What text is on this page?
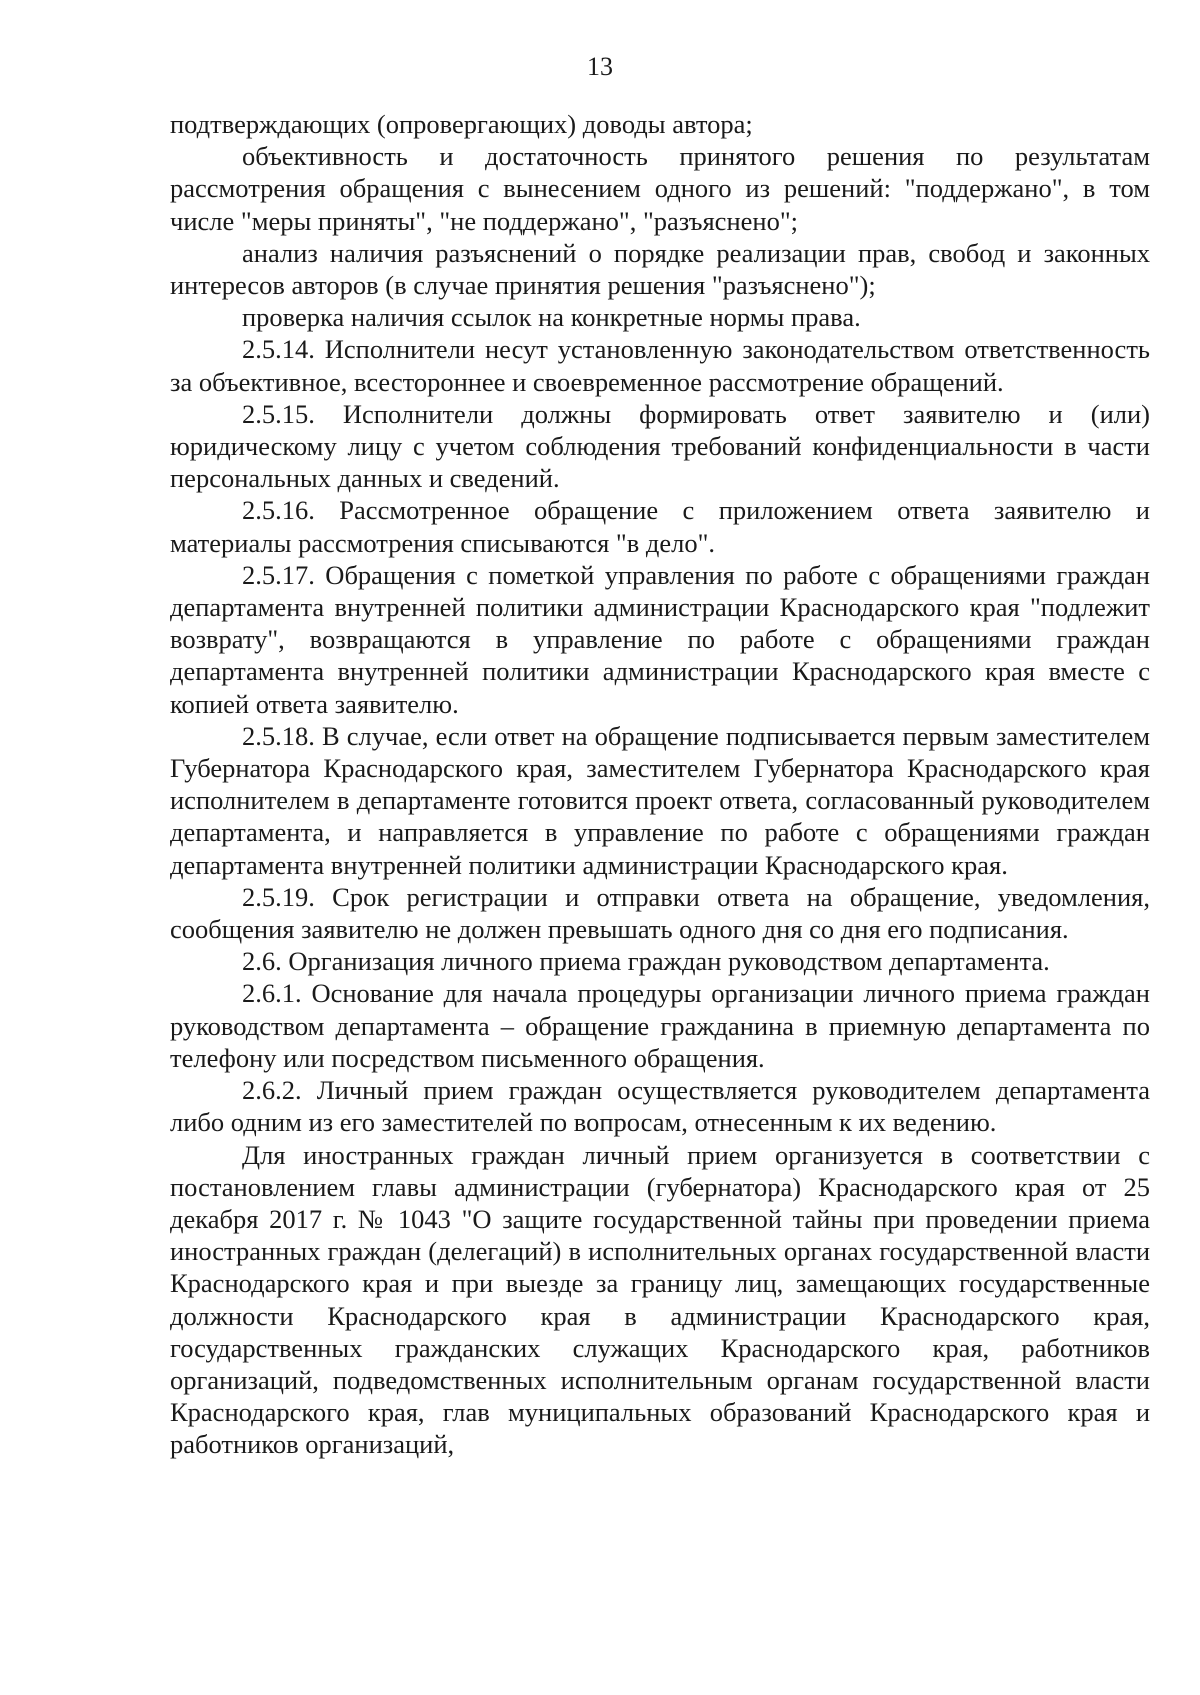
13

подтверждающих (опровергающих) доводы автора;

объективность и достаточность принятого решения по результатам рассмотрения обращения с вынесением одного из решений: "поддержано", в том числе "меры приняты", "не поддержано", "разъяснено";

анализ наличия разъяснений о порядке реализации прав, свобод и законных интересов авторов (в случае принятия решения "разъяснено");

проверка наличия ссылок на конкретные нормы права.

2.5.14. Исполнители несут установленную законодательством ответственность за объективное, всестороннее и своевременное рассмотрение обращений.

2.5.15. Исполнители должны формировать ответ заявителю и (или) юридическому лицу с учетом соблюдения требований конфиденциальности в части персональных данных и сведений.

2.5.16. Рассмотренное обращение с приложением ответа заявителю и материалы рассмотрения списываются "в дело".

2.5.17. Обращения с пометкой управления по работе с обращениями граждан департамента внутренней политики администрации Краснодарского края "подлежит возврату", возвращаются в управление по работе с обращениями граждан департамента внутренней политики администрации Краснодарского края вместе с копией ответа заявителю.

2.5.18. В случае, если ответ на обращение подписывается первым заместителем Губернатора Краснодарского края, заместителем Губернатора Краснодарского края исполнителем в департаменте готовится проект ответа, согласованный руководителем департамента, и направляется в управление по работе с обращениями граждан департамента внутренней политики администрации Краснодарского края.

2.5.19. Срок регистрации и отправки ответа на обращение, уведомления, сообщения заявителю не должен превышать одного дня со дня его подписания.

2.6. Организация личного приема граждан руководством департамента.

2.6.1. Основание для начала процедуры организации личного приема граждан руководством департамента – обращение гражданина в приемную департамента по телефону или посредством письменного обращения.

2.6.2. Личный прием граждан осуществляется руководителем департамента либо одним из его заместителей по вопросам, отнесенным к их ведению.

Для иностранных граждан личный прием организуется в соответствии с постановлением главы администрации (губернатора) Краснодарского края от 25 декабря 2017 г. № 1043 "О защите государственной тайны при проведении приема иностранных граждан (делегаций) в исполнительных органах государственной власти Краснодарского края и при выезде за границу лиц, замещающих государственные должности Краснодарского края в администрации Краснодарского края, государственных гражданских служащих Краснодарского края, работников организаций, подведомственных исполнительным органам государственной власти Краснодарского края, глав муниципальных образований Краснодарского края и работников организаций,
